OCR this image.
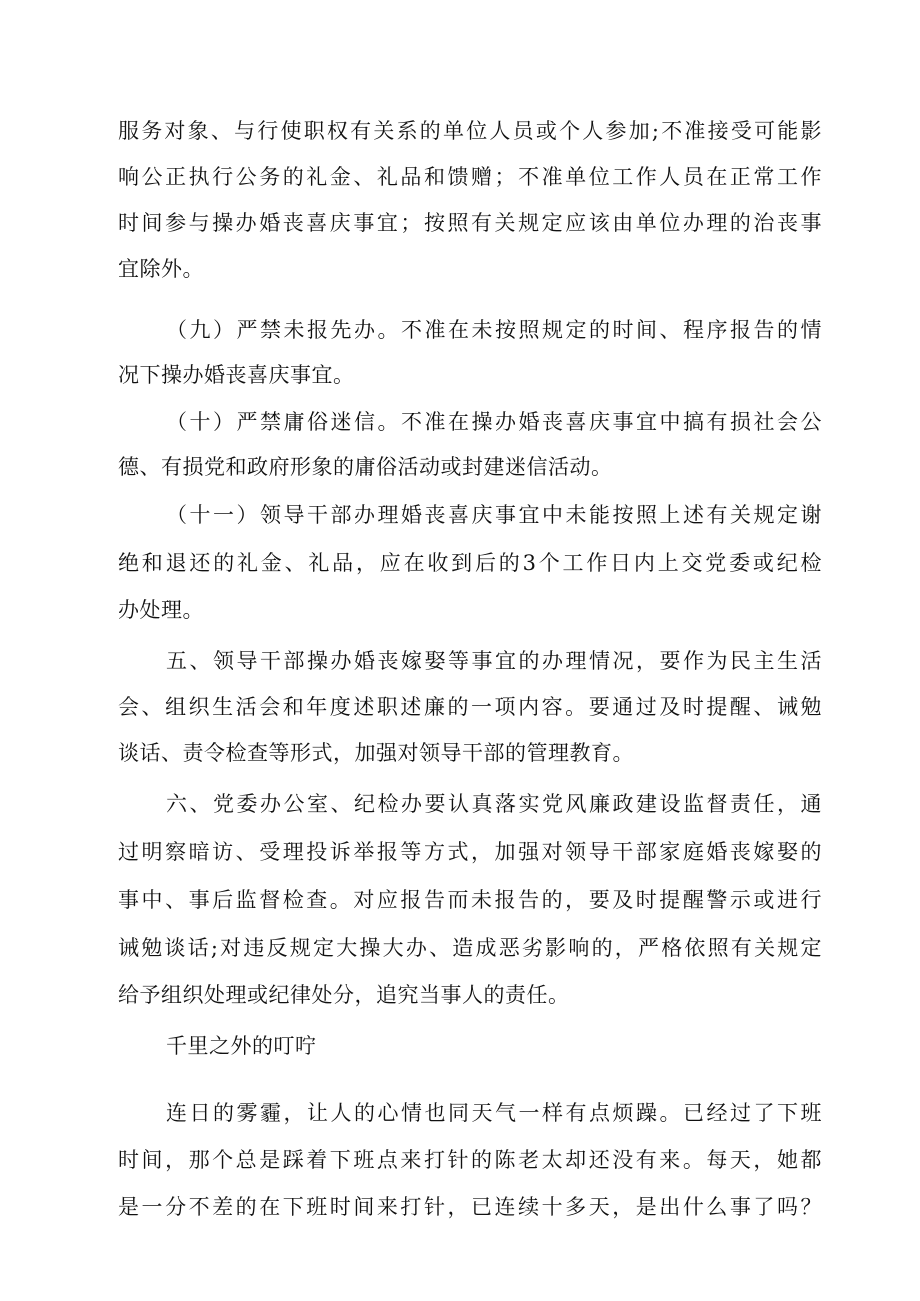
服务对象、与行使职权有关系的单位人员或个人参加;不准接受可能影
响公正执行公务的礼金、礼品和馈赠；不准单位工作人员在正常工作
时间参与操办婚丧喜庆事宜；按照有关规定应该由单位办理的治丧事
宜除外。
（九）严禁未报先办。不准在未按照规定的时间、程序报告的情
况下操办婚丧喜庆事宜。
（十）严禁庸俗迷信。不准在操办婚丧喜庆事宜中搞有损社会公
德、有损党和政府形象的庸俗活动或封建迷信活动。
（十一）领导干部办理婚丧喜庆事宜中未能按照上述有关规定谢
绝和退还的礼金、礼品，应在收到后的3个工作日内上交党委或纪检
办处理。
五、领导干部操办婚丧嫁娶等事宜的办理情况，要作为民主生活
会、组织生活会和年度述职述廉的一项内容。要通过及时提醒、诫勉
谈话、责令检查等形式，加强对领导干部的管理教育。
六、党委办公室、纪检办要认真落实党风廉政建设监督责任，通
过明察暗访、受理投诉举报等方式，加强对领导干部家庭婚丧嫁娶的
事中、事后监督检查。对应报告而未报告的，要及时提醒警示或进行
诫勉谈话;对违反规定大操大办、造成恶劣影响的，严格依照有关规定
给予组织处理或纪律处分，追究当事人的责任。
千里之外的叮咛
连日的雾霾，让人的心情也同天气一样有点烦躁。已经过了下班
时间，那个总是踩着下班点来打针的陈老太却还没有来。每天，她都
是一分不差的在下班时间来打针，已连续十多天，是出什么事了吗？
